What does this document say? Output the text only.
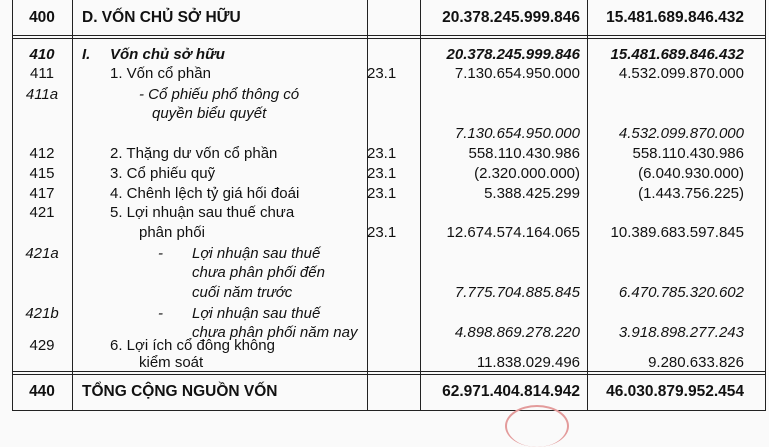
400	D. VỐN CHỦ SỞ HỮU	20.378.245.999.846	15.481.689.846.432
410	I. Vốn chủ sở hữu	20.378.245.999.846	15.481.689.846.432
411	1. Vốn cổ phần	23.1	7.130.654.950.000	4.532.099.870.000
411a	- Cổ phiếu phổ thông có
quyền biểu quyết
7.130.654.950.000	4.532.099.870.000
412	2. Thặng dư vốn cổ phần	23.1	558.110.430.986	558.110.430.986
415	3. Cổ phiếu quỹ	23.1	(2.320.000.000)	(6.040.930.000)
417	4. Chênh lệch tỷ giá hối đoái	23.1	5.388.425.299	(1.443.756.225)
421	5. Lợi nhuận sau thuế chưa
phân phối	23.1	12.674.574.164.065	10.389.683.597.845
421a	- Lợi nhuận sau thuế
chưa phân phối đến
cuối năm trước	7.775.704.885.845	6.470.785.320.602
421b	- Lợi nhuận sau thuế
chưa phân phối năm nay	4.898.869.278.220	3.918.898.277.243
429	6. Lợi ích cổ đông không
kiểm soát	11.838.029.496	9.280.633.826
440	TỔNG CỘNG NGUỒN VỐN	62.971.404.814.942	46.030.879.952.454
